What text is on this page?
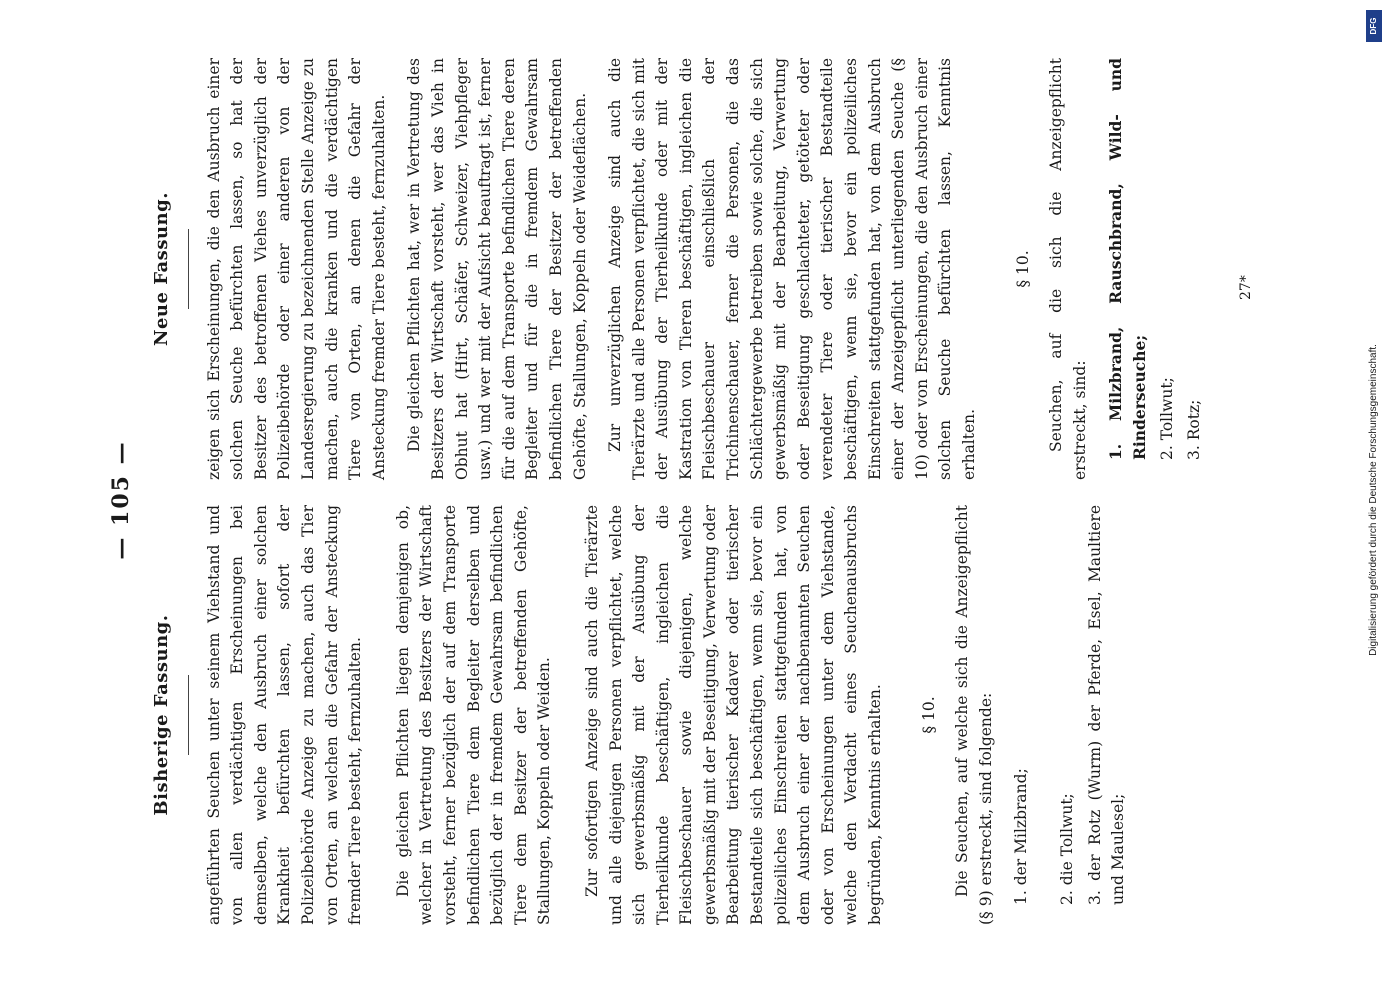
— 105 —
Bisherige Fassung. angeführten Seuchen unter seinem Viehstand und von allen verdächtigen Erscheinungen bei demselben, welche den Ausbruch einer solchen Krankheit befürchten lassen, sofort der Polizeibehörde Anzeige zu machen, auch das Tier von Orten, an welchen die Gefahr der Ansteckung fremder Tiere besteht, fernzuhalten. Die gleichen Pflichten liegen demjenigen ob, welcher in Vertretung des Besitzers der Wirtschaft vorsteht, ferner bezüglich der auf dem Transporte befindlichen Tiere dem Begleiter derselben und bezüglich der in fremdem Gewahrsam befindlichen Tiere dem Besitzer der betreffenden Gehöfte, Stallungen, Koppeln oder Weiden. Zur sofortigen Anzeige sind auch die Tierärzte und alle diejenigen Personen verpflichtet, welche sich gewerbsmäßig mit der Ausübung der Tierheilkunde beschäftigen, ingleichen die Fleischbeschauer sowie diejenigen, welche gewerbsmäßig mit der Beseitigung, Verwertung oder Bearbeitung tierischer Kadaver oder tierischer Bestandteile sich beschäftigen, wenn sie, bevor ein polizeiliches Einschreiten stattgefunden hat, von dem Ausbruch einer der nachbenannten Seuchen oder von Erscheinungen unter dem Viehstande, welche den Verdacht eines Seuchenausbruchs begründen, Kenntnis erhalten. § 10. Die Seuchen, auf welche sich die Anzeigepflicht (§ 9) erstreckt, sind folgende: 1. der Milzbrand; 2. die Tollwut; 3. der Rotz (Wurm) der Pferde, Esel, Maultiere und Maulesel;
Neue Fassung. zeigen sich Erscheinungen, die den Ausbruch einer solchen Seuche befürchten lassen, so hat der Besitzer des betroffenen Viehes unverzüglich der Polizeibehörde oder einer anderen von der Landesregierung zu bezeichnenden Stelle Anzeige zu machen, auch die kranken und die verdächtigen Tiere von Orten, an denen die Gefahr der Ansteckung fremder Tiere besteht, fernzuhalten. Die gleichen Pflichten hat, wer in Vertretung des Besitzers der Wirtschaft vorsteht, wer das Vieh in Obhut hat (Hirt, Schäfer, Schweizer, Viehpfleger usw.) und wer mit der Aufsicht beauftragt ist, ferner für die auf dem Transporte befindlichen Tiere deren Begleiter und für die in fremdem Gewahrsam befindlichen Tiere der Besitzer der betreffenden Gehöfte, Stallungen, Koppeln oder Weideflächen. Zur unverzüglichen Anzeige sind auch die Tierärzte und alle Personen verpflichtet, die sich mit der Ausübung der Tierheilkunde oder mit der Kastration von Tieren beschäftigen, ingleichen die Fleischbeschauer einschließlich der Trichinenschauer, ferner die Personen, die das Schlächtergewerbe betreiben sowie solche, die sich gewerbsmäßig mit der Bearbeitung, Verwertung oder Beseitigung geschlachteter, getöteter oder verendeter Tiere oder tierischer Bestandteile beschäftigen, wenn sie, bevor ein polizeiliches Einschreiten stattgefunden hat, von dem Ausbruch einer der Anzeigepflicht unterliegenden Seuche (§ 10) oder von Erscheinungen, die den Ausbruch einer solchen Seuche befürchten lassen, Kenntnis erhalten.

§ 10. Seuchen, auf die sich die Anzeigepflicht erstreckt, sind: 1. Milzbrand, Rauschbrand, Wild- und Rinderseuche; 2. Tollwut; 3. Rotz;
27*
DFG
Digitalisierung gefördert durch die Deutsche Forschungsgemeinschaft.
